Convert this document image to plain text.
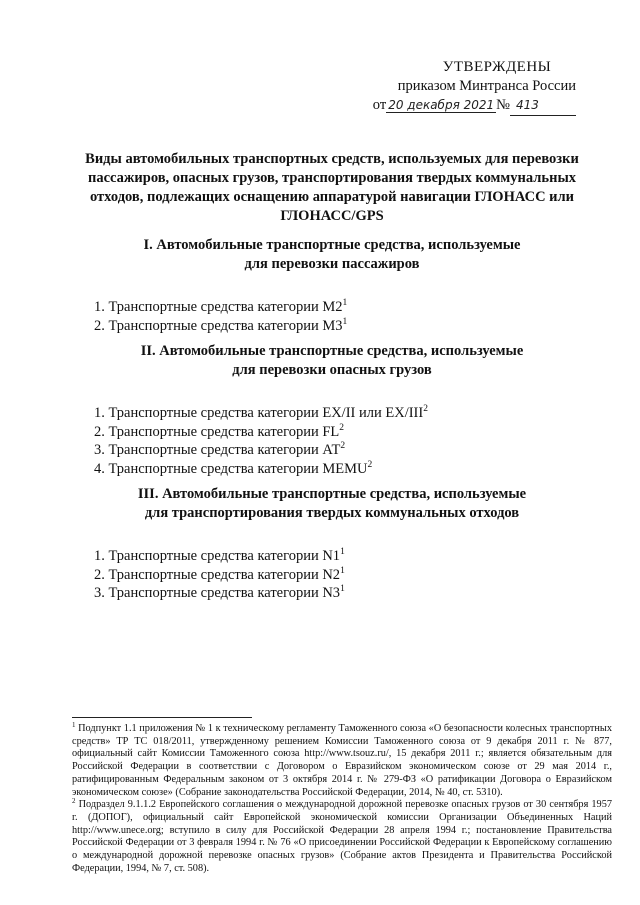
УТВЕРЖДЕНЫ
приказом Минтранса России
от 20 декабря 2021 № 413
Виды автомобильных транспортных средств, используемых для перевозки пассажиров, опасных грузов, транспортирования твердых коммунальных отходов, подлежащих оснащению аппаратурой навигации ГЛОНАСС или ГЛОНАСС/GPS
I. Автомобильные транспортные средства, используемые
для перевозки пассажиров
1. Транспортные средства категории $М2^1$
2. Транспортные средства категории $М3^1$
II. Автомобильные транспортные средства, используемые
для перевозки опасных грузов
1. Транспортные средства категории ЕХ/II или ЕХ/III$^2$
2. Транспортные средства категории $FL^2$
3. Транспортные средства категории $АТ^2$
4. Транспортные средства категории MEMU$^2$
III. Автомобильные транспортные средства, используемые
для транспортирования твердых коммунальных отходов
1. Транспортные средства категории $N1^1$
2. Транспортные средства категории $N2^1$
3. Транспортные средства категории $N3^1$

$^1$ Подпункт 1.1 приложения № 1 к техническому регламенту Таможенного союза «О безопасности колесных транспортных средств» ТР ТС 018/2011, утвержденному решением Комиссии Таможенного союза от 9 декабря 2011 г. № 877, официальный сайт Комиссии Таможенного союза http://www.tsouz.ru/, 15 декабря 2011 г.; является обязательным для Российской Федерации в соответствии с Договором о Евразийском экономическом союзе от 29 мая 2014 г., ратифицированным Федеральным законом от 3 октября 2014 г. № 279-ФЗ «О ратификации Договора о Евразийском экономическом союзе» (Собрание законодательства Российской Федерации, 2014, № 40, ст. 5310).

$^2$ Подраздел 9.1.1.2 Европейского соглашения о международной дорожной перевозке опасных грузов от 30 сентября 1957 г. (ДОПОГ), официальный сайт Европейской экономической комиссии Организации Объединенных Наций http://www.unece.org; вступило в силу для Российской Федерации 28 апреля 1994 г.; постановление Правительства Российской Федерации от 3 февраля 1994 г. № 76 «О присоединении Российской Федерации к Европейскому соглашению о международной дорожной перевозке опасных грузов» (Собрание актов Президента и Правительства Российской Федерации, 1994, № 7, ст. 508).
